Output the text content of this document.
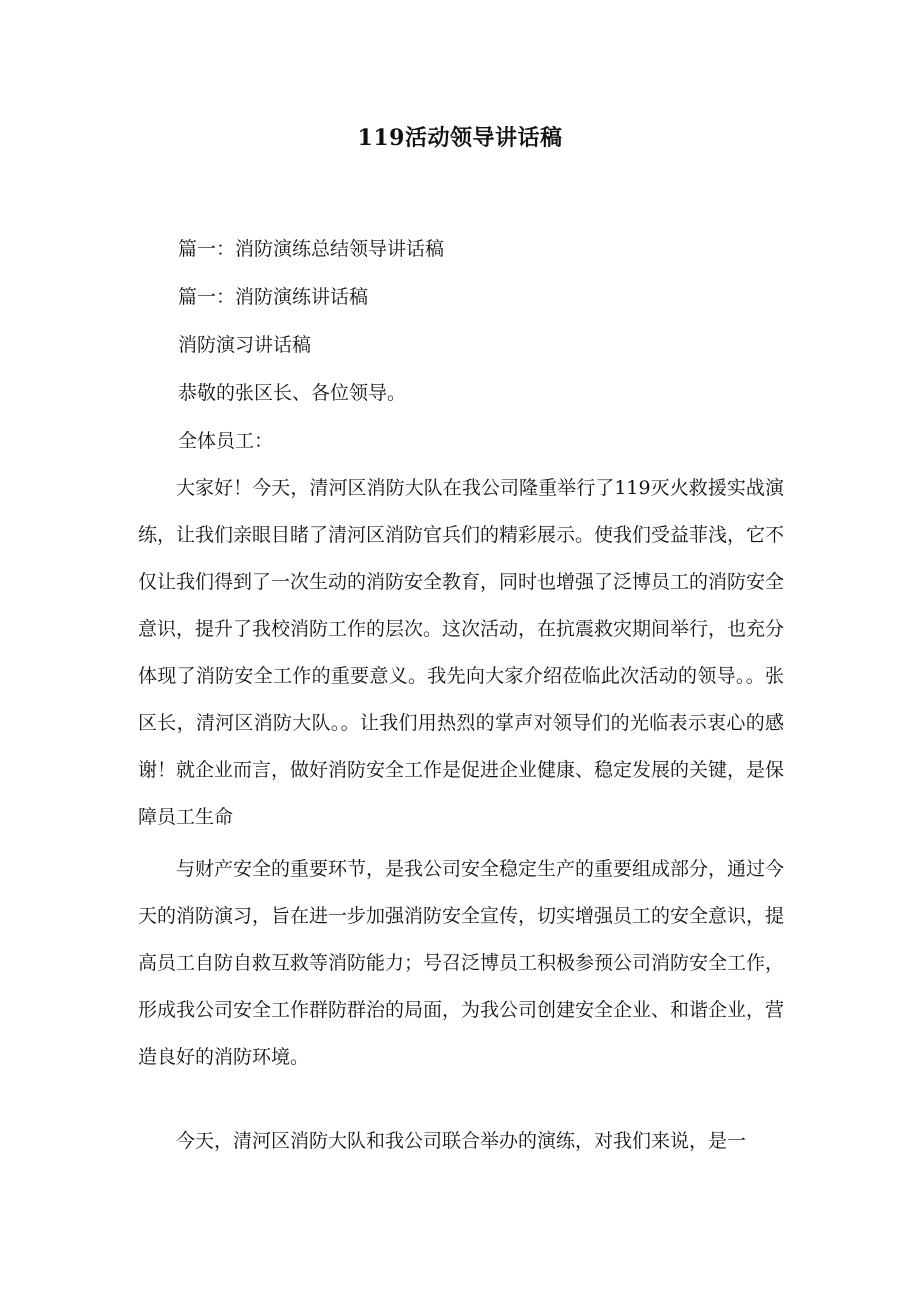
119活动领导讲话稿
篇一：消防演练总结领导讲话稿
篇一：消防演练讲话稿
消防演习讲话稿
恭敬的张区长、各位领导。
全体员工：

大家好！今天，清河区消防大队在我公司隆重举行了119灭火救援实战演练，让我们亲眼目睹了清河区消防官兵们的精彩展示。使我们受益菲浅，它不仅让我们得到了一次生动的消防安全教育，同时也增强了泛博员工的消防安全意识，提升了我校消防工作的层次。这次活动，在抗震救灾期间举行，也充分体现了消防安全工作的重要意义。我先向大家介绍莅临此次活动的领导。。张区长，清河区消防大队。。让我们用热烈的掌声对领导们的光临表示衷心的感谢！就企业而言，做好消防安全工作是促进企业健康、稳定发展的关键，是保障员工生命

与财产安全的重要环节，是我公司安全稳定生产的重要组成部分，通过今天的消防演习，旨在进一步加强消防安全宣传，切实增强员工的安全意识，提高员工自防自救互救等消防能力；号召泛博员工积极参预公司消防安全工作，形成我公司安全工作群防群治的局面，为我公司创建安全企业、和谐企业，营造良好的消防环境。

今天，清河区消防大队和我公司联合举办的演练，对我们来说，是一
